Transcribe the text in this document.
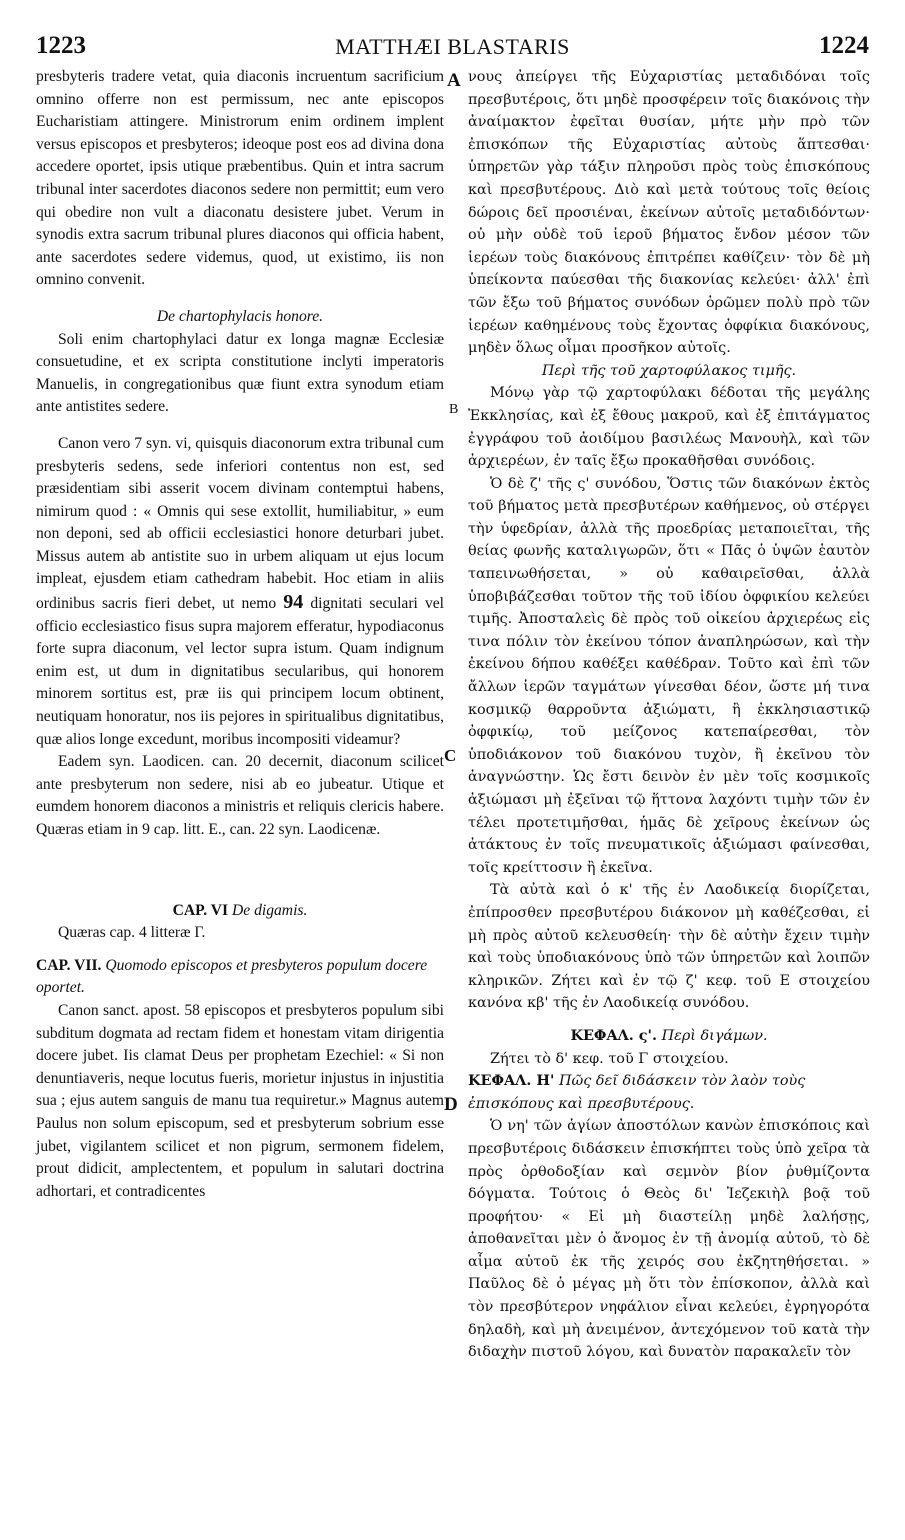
1223	MATTHÆI BLASTARIS	1224
A
B
C
D

presbyteris tradere vetat, quia diaconis incruentum sacrificium omnino offerre non est permissum, nec ante episcopos Eucharistiam attingere. Ministrorum enim ordinem implent versus episcopos et presbyteros; ideoque post eos ad divina dona accedere oportet, ipsis utique præbentibus. Quin et intra sacrum tribunal inter sacerdotes diaconos sedere non permittit; eum vero qui obedire non vult a diaconatu desistere jubet. Verum in synodis extra sacrum tribunal plures diaconos qui officia habent, ante sacerdotes sedere videmus, quod, ut existimo, iis non omnino convenit.

De chartophylacis honore.

Soli enim chartophylaci datur ex longa magnæ Ecclesiæ consuetudine, et ex scripta constitutione inclyti imperatoris Manuelis, in congregationibus quæ fiunt extra synodum etiam ante antistites sedere.

Canon vero 7 syn. vi, quisquis diaconorum extra tribunal cum presbyteris sedens, sede inferiori contentus non est, sed præsidentiam sibi asserit vocem divinam contemptui habens, nimirum quod : « Omnis qui sese extollit, humiliabitur, » eum non deponi, sed ab officii ecclesiastici honore deturbari jubet. Missus autem ab antistite suo in urbem aliquam ut ejus locum impleat, ejusdem etiam cathedram habebit. Hoc etiam in aliis ordinibus sacris fieri debet, ut nemo 94 dignitati seculari vel officio ecclesiastico fisus supra majorem efferatur, hypodiaconus forte supra diaconum, vel lector supra istum. Quam indignum enim est, ut dum in dignitatibus secularibus, qui honorem minorem sortitus est, præ iis qui principem locum obtinent, neutiquam honoratur, nos iis pejores in spiritualibus dignitatibus, quæ alios longe excedunt, moribus incompositi videamur?

Eadem syn. Laodicen. can. 20 decernit, diaconum scilicet ante presbyterum non sedere, nisi ab eo jubeatur. Utique et eumdem honorem diaconos a ministris et reliquis clericis habere. Quæras etiam in 9 cap. litt. E., can. 22 syn. Laodicenæ.

CAP. VI De digamis.

Quæras cap. 4 litteræ Γ.

CAP. VII. Quomodo episcopos et presbyteros populum docere oportet.

Canon sanct. apost. 58 episcopos et presbyteros populum sibi subditum dogmata ad rectam fidem et honestam vitam dirigentia docere jubet. Iis clamat Deus per prophetam Ezechiel: « Si non denuntiaveris, neque locutus fueris, morietur injustus in injustitia sua ; ejus autem sanguis de manu tua requiretur.» Magnus autem Paulus non solum episcopum, sed et presbyterum sobrium esse jubet, vigilantem scilicet et non pigrum, sermonem fidelem, prout didicit, amplectentem, et populum in salutari doctrina adhortari, et contradicentes

νους ἀπείργει τῆς Εὐχαριστίας μεταδιδόναι τοῖς πρεσβυτέροις, ὅτι μηδὲ προσφέρειν τοῖς διακόνοις τὴν ἀναίμακτον ἐφεῖται θυσίαν, μήτε μὴν πρὸ τῶν ἐπισκόπων τῆς Εὐχαριστίας αὐτοὺς ἅπτεσθαι· ὑπηρετῶν γὰρ τάξιν πληροῦσι πρὸς τοὺς ἐπισκόπους καὶ πρεσβυτέρους. Διὸ καὶ μετὰ τούτους τοῖς θείοις δώροις δεῖ προσιέναι, ἐκείνων αὐτοῖς μεταδιδόντων· οὐ μὴν οὐδὲ τοῦ ἱεροῦ βήματος ἔνδον μέσον τῶν ἱερέων τοὺς διακόνους ἐπιτρέπει καθίζειν· τὸν δὲ μὴ ὑπείκοντα παύεσθαι τῆς διακονίας κελεύει· ἀλλ' ἐπὶ τῶν ἔξω τοῦ βήματος συνόδων ὁρῶμεν πολὺ πρὸ τῶν ἱερέων καθημένους τοὺς ἔχοντας ὀφφίκια διακόνους, μηδὲν ὅλως οἶμαι προσῆκον αὐτοῖς.

Περὶ τῆς τοῦ χαρτοφύλακος τιμῆς.

Μόνῳ γὰρ τῷ χαρτοφύλακι δέδοται τῆς μεγάλης Ἐκκλησίας, καὶ ἐξ ἔθους μακροῦ, καὶ ἐξ ἐπιτάγματος ἐγγράφου τοῦ ἀοιδίμου βασιλέως Μανουὴλ, καὶ τῶν ἀρχιερέων, ἐν ταῖς ἔξω προκαθῆσθαι συνόδοις.

Ὁ δὲ ζ' τῆς ς' συνόδου, Ὅστις τῶν διακόνων ἐκτὸς τοῦ βήματος μετὰ πρεσβυτέρων καθήμενος, οὐ στέργει τὴν ὑφεδρίαν, ἀλλὰ τῆς προεδρίας μεταποιεῖται, τῆς θείας φωνῆς καταλιγωρῶν, ὅτι « Πᾶς ὁ ὑψῶν ἑαυτὸν ταπεινωθήσεται, » οὐ καθαιρεῖσθαι, ἀλλὰ ὑποβιβάζεσθαι τοῦτον τῆς τοῦ ἰδίου ὀφφικίου κελεύει τιμῆς. Ἀποσταλεὶς δὲ πρὸς τοῦ οἰκείου ἀρχιερέως εἰς τινα πόλιν τὸν ἐκείνου τόπον ἀναπληρώσων, καὶ τὴν ἐκείνου δήπου καθέξει καθέδραν. Τοῦτο καὶ ἐπὶ τῶν ἄλλων ἱερῶν ταγμάτων γίνεσθαι δέον, ὥστε μή τινα κοσμικῷ θαρροῦντα ἀξιώματι, ἢ ἐκκλησιαστικῷ ὀφφικίῳ, τοῦ μείζονος κατεπαίρεσθαι, τὸν ὑποδιάκονον τοῦ διακόνου τυχὸν, ἢ ἐκεῖνου τὸν ἀναγνώστην. Ὡς ἔστι δεινὸν ἐν μὲν τοῖς κοσμικοῖς ἀξιώμασι μὴ ἐξεῖναι τῷ ἥττονα λαχόντι τιμὴν τῶν ἐν τέλει προτετιμῆσθαι, ἡμᾶς δὲ χεῖρους ἐκείνων ὡς ἀτάκτους ἐν τοῖς πνευματικοῖς ἀξιώμασι φαίνεσθαι, τοῖς κρείττοσιν ἢ ἐκεῖνα.

Τὰ αὐτὰ καὶ ὁ κ' τῆς ἐν Λαοδικείᾳ διορίζεται, ἐπίπροσθεν πρεσβυτέρου διάκονον μὴ καθέζεσθαι, εἰ μὴ πρὸς αὐτοῦ κελευσθείη· τὴν δὲ αὐτὴν ἔχειν τιμὴν καὶ τοὺς ὑποδιακόνους ὑπὸ τῶν ὑπηρετῶν καὶ λοιπῶν κληρικῶν. Ζήτει καὶ ἐν τῷ ζ' κεφ. τοῦ Ε στοιχείου κανόνα κβ' τῆς ἐν Λαοδικείᾳ συνόδου.

ΚΕΦΑΛ. ς'. Περὶ διγάμων.

Ζήτει τὸ δ' κεφ. τοῦ Γ στοιχείου.

ΚΕΦΑΛ. Η' Πῶς δεῖ διδάσκειν τὸν λαὸν τοὺς ἐπισκόπους καὶ πρεσβυτέρους.

Ὁ νη' τῶν ἁγίων ἀποστόλων κανὼν ἐπισκόποις καὶ πρεσβυτέροις διδάσκειν ἐπισκήπτει τοὺς ὑπὸ χεῖρα τὰ πρὸς ὀρθοδοξίαν καὶ σεμνὸν βίον ῥυθμίζοντα δόγματα. Τούτοις ὁ Θεὸς δι' Ἰεζεκιὴλ βοᾷ τοῦ προφήτου· « Εἰ μὴ διαστείλῃ μηδὲ λαλήσῃς, ἀποθανεῖται μὲν ὁ ἄνομος ἐν τῇ ἀνομίᾳ αὐτοῦ, τὸ δὲ αἷμα αὐτοῦ ἐκ τῆς χειρός σου ἐκζητηθήσεται. » Παῦλος δὲ ὁ μέγας μὴ ὅτι τὸν ἐπίσκοπον, ἀλλὰ καὶ τὸν πρεσβύτερον νηφάλιον εἶναι κελεύει, ἐγρηγορότα δηλαδὴ, καὶ μὴ ἀνειμένον, ἀντεχόμενον τοῦ κατὰ τὴν διδαχὴν πιστοῦ λόγου, καὶ δυνατὸν παρακαλεῖν τὸν
